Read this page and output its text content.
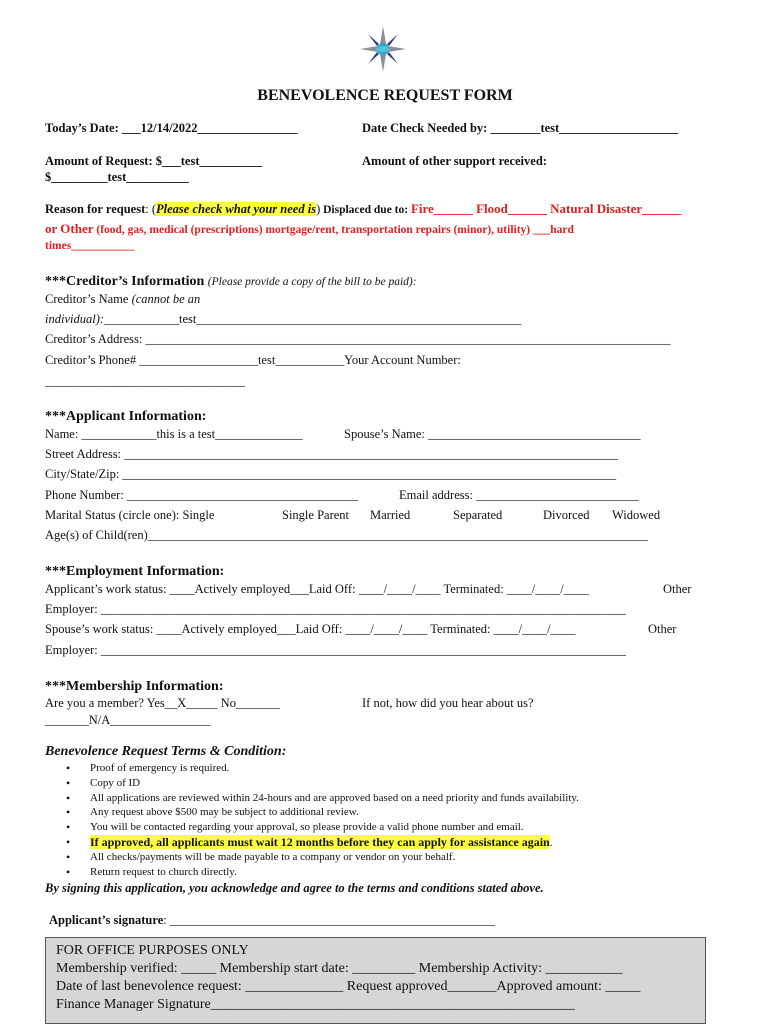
BENEVOLENCE REQUEST FORM
Today’s Date: ___12/14/2022________________	Date Check Needed by: ________test___________________
Amount of Request: $___test__________
$_________test__________
Amount of other support received:
Reason for request: (Please check what your need is) Displaced due to: Fire______ Flood______ Natural Disaster______
or Other (food, gas, medical (prescriptions) mortgage/rent, transportation repairs (minor), utility) ___hard
times___________
***Creditor’s Information (Please provide a copy of the bill to be paid):
Creditor’s Name (cannot be an
individual):____________test____________________________________________________
Creditor’s Address: ____________________________________________________________________________________
Creditor’s Phone# ___________________test___________Your Account Number:
________________________________
***Applicant Information:
Name: ____________this is a test______________	Spouse’s Name: __________________________________
Street Address: _______________________________________________________________________________
City/State/Zip: _______________________________________________________________________________
Phone Number: _____________________________________	Email address: __________________________
Marital Status (circle one): Single	Single Parent Married	Separated	Divorced Widowed
Age(s) of Child(ren)________________________________________________________________________________
***Employment Information:
Applicant’s work status: ____Actively employed___Laid Off: ____/____/____ Terminated: ____/____/____	Other
Employer: ____________________________________________________________________________________
Spouse’s work status: ____Actively employed___Laid Off: ____/____/____ Terminated: ____/____/____	Other
Employer: ____________________________________________________________________________________
***Membership Information:
Are you a member? Yes__X_____ No_______
_______N/A________________
If not, how did you hear about us?
Benevolence Request Terms & Condition:
• Proof of emergency is required.
• Copy of ID
• All applications are reviewed within 24-hours and are approved based on a need priority and funds availability.
• Any request above $500 may be subject to additional review.
• You will be contacted regarding your approval, so please provide a valid phone number and email.
• If approved, all applicants must wait 12 months before they can apply for assistance again.
• All checks/payments will be made payable to a company or vendor on your behalf.
• Return request to church directly.
By signing this application, you acknowledge and agree to the terms and conditions stated above.
Applicant’s signature: ____________________________________________________
FOR OFFICE PURPOSES ONLY
Membership verified: _____ Membership start date: _________ Membership Activity: ___________
Date of last benevolence request: ______________ Request approved_______Approved amount: _____
Finance Manager Signature____________________________________________________
